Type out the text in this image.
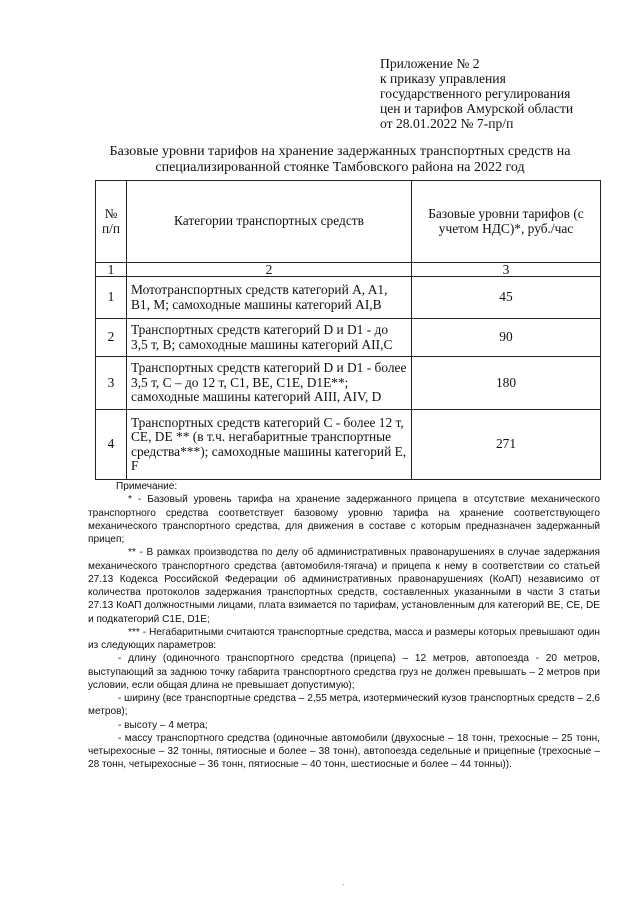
Приложение № 2
к приказу управления
государственного регулирования
цен и тарифов Амурской области
от 28.01.2022 № 7-пр/п
Базовые уровни тарифов на хранение задержанных транспортных средств на
специализированной стоянке Тамбовского района на 2022 год
№ п/п	Категории транспортных средств	Базовые уровни тарифов (с учетом НДС)*, руб./час
1	2	3
1	Мототранспортных средств категорий A, A1, B1, M; самоходные машины категорий AI,B	45
2	Транспортных средств категорий D и D1 - до 3,5 т, B; самоходные машины категорий AII,C	90
3	Транспортных средств категорий D и D1 - более 3,5 т, С – до 12 т, C1, BE, C1E, D1E**; самоходные машины категорий AIII, AIV, D	180
4	Транспортных средств категорий С - более 12 т, CE, DE ** (в т.ч. негабаритные транспортные средства***); самоходные машины категорий E, F	271

Примечание:

* - Базовый уровень тарифа на хранение задержанного прицепа в отсутствие механического транспортного средства соответствует базовому уровню тарифа на хранение соответствующего механического транспортного средства, для движения в составе с которым предназначен задержанный прицеп;

** - В рамках производства по делу об административных правонарушениях в случае задержания механического транспортного средства (автомобиля-тягача) и прицепа к нему в соответствии со статьей 27.13 Кодекса Российской Федерации об административных правонарушениях (КоАП) независимо от количества протоколов задержания транспортных средств, составленных указанными в части 3 статьи 27.13 КоАП должностными лицами, плата взимается по тарифам, установленным для категорий BE, CE, DE и подкатегорий C1E, D1E;

*** - Негабаритными считаются транспортные средства, масса и размеры которых превышают один из следующих параметров:

- длину (одиночного транспортного средства (прицепа) – 12 метров, автопоезда - 20 метров, выступающий за заднюю точку габарита транспортного средства груз не должен превышать – 2 метров при условии, если общая длина не превышает допустимую);

- ширину (все транспортные средства – 2,55 метра, изотермический кузов транспортных средств – 2,6 метров);

- высоту – 4 метра;

- массу транспортного средства (одиночные автомобили (двухосные – 18 тонн, трехосные – 25 тонн, четырехосные – 32 тонны, пятиосные и более – 38 тонн), автопоезда седельные и прицепные (трехосные – 28 тонн, четырехосные – 36 тонн, пятиосные – 40 тонн, шестиосные и более – 44 тонны)).
